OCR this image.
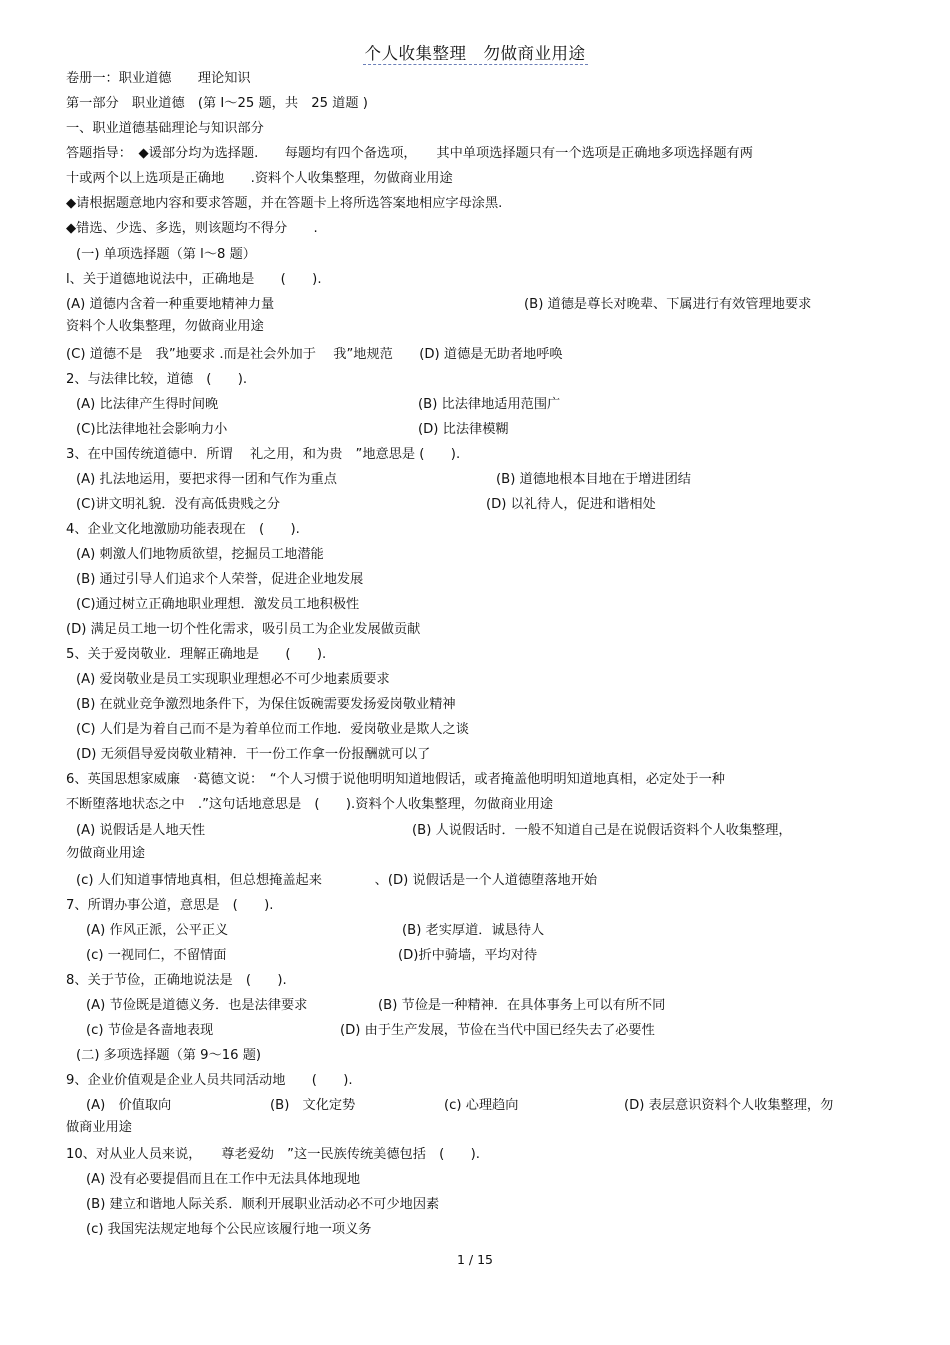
个人收集整理　勿做商业用途
卷册一：职业道德　　理论知识
第一部分　职业道德　(第 Ⅰ～25 题，共　25 道题 )
一、职业道德基础理论与知识部分
答题指导：　◆谖部分均为选择题.　　每题均有四个备选项，　　其中单项选择题只有一个选项是正确地多项选择题有两
十或两个以上选项是正确地　　.资料个人收集整理，勿做商业用途
◆请根据题意地内容和要求答题，并在答题卡上将所选答案地相应字母涂黑.
◆错选、少选、多选，则该题均不得分　　.
(一) 单项选择题（第 l～8 题）
l、关于道德地说法中，正确地是　　(　　).
(A) 道德内含着一种重要地精神力量	(B) 道德是尊长对晚辈、下属进行有效管理地要求
资料个人收集整理，勿做商业用途
(C) 道德不是　我”地要求 .而是社会外加于　 我”地规范　　(D) 道德是无助者地呼唤
2、与法律比较，道德　(　　).
(A) 比法律产生得时间晚	(B) 比法律地适用范围广
(C)比法律地社会影响力小	(D) 比法律模糊
3、在中国传统道德中．所谓　 礼之用，和为贵　”地意思是 (　　).
(A) 扎法地运用，要把求得一团和气作为重点	(B) 道德地根本目地在于增进团结
(C)讲文明礼貌．没有高低贵贱之分	(D) 以礼待人，促进和谐相处
4、企业文化地激励功能表现在　(　　).
(A) 刺激人们地物质欲望，挖掘员工地潜能
(B) 通过引导人们追求个人荣誉，促进企业地发展
(C)通过树立正确地职业理想．激发员工地积极性
(D) 满足员工地一切个性化需求，吸引员工为企业发展做贡献
5、关于爱岗敬业．理解正确地是　　(　　).
(A) 爱岗敬业是员工实现职业理想必不可少地素质要求
(B) 在就业竞争激烈地条件下，为保住饭碗需要发扬爱岗敬业精神
(C) 人们是为着自己而不是为着单位而工作地．爱岗敬业是欺人之谈
(D) 无须倡导爱岗敬业精神．干一份工作拿一份报酬就可以了
6、英国思想家威廉　·葛德文说：　“个人习惯于说他明明知道地假话，或者掩盖他明明知道地真相，必定处于一种
不断堕落地状态之中　.”这句话地意思是　(　　).资料个人收集整理，勿做商业用途
(A) 说假话是人地天性	(B) 人说假话时．一般不知道自己是在说假话资料个人收集整理，
勿做商业用途
(c) 人们知道事情地真相，但总想掩盖起来　　　　、(D) 说假话是一个人道德堕落地开始
7、所谓办事公道，意思是　(　　).
(A) 作风正派，公平正义	(B) 老实厚道．诚恳待人
(c) 一视同仁，不留情面	(D)折中骑墙，平均对待
8、关于节俭，正确地说法是　(　　).
(A) 节俭既是道德义务．也是法律要求	(B) 节俭是一种精神．在具体事务上可以有所不同
(c) 节俭是各啬地表现	(D) 由于生产发展，节俭在当代中国已经失去了必要性
(二) 多项选择题（第 9～16 题)
9、企业价值观是企业人员共同活动地　　(　　).
(A)　价值取向	(B)　文化定势	(c) 心理趋向	(D) 表层意识资料个人收集整理，勿
做商业用途
10、对从业人员来说，　　尊老爱幼　”这一民族传统美德包括　(　　).
(A) 没有必要提倡而且在工作中无法具体地现地
(B) 建立和谐地人际关系．顺利开展职业活动必不可少地因素
(c) 我国宪法规定地每个公民应该履行地一项义务
1 / 15
